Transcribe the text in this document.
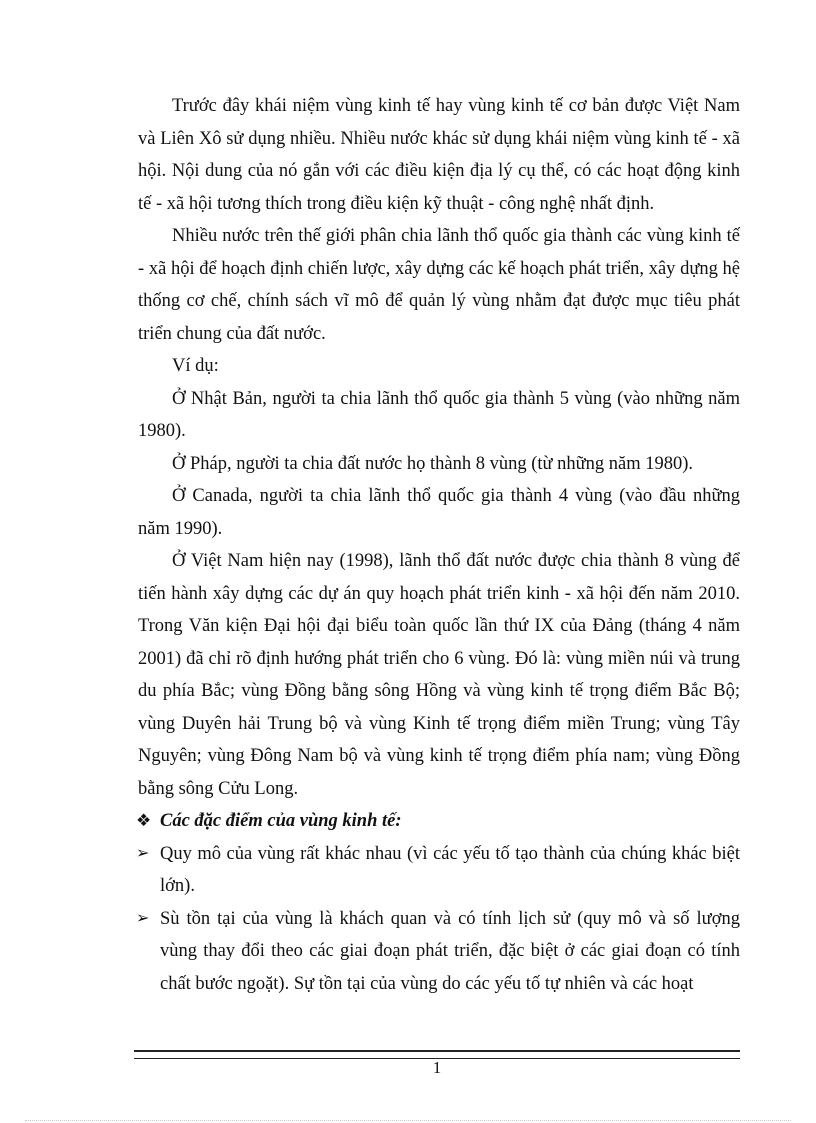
Trước đây khái niệm vùng kinh tế hay vùng kinh tế cơ bản được Việt Nam và Liên Xô sử dụng nhiều. Nhiều nước khác sử dụng khái niệm vùng kinh tế - xã hội. Nội dung của nó gắn với các điều kiện địa lý cụ thể, có các hoạt động kinh tế - xã hội tương thích trong điều kiện kỹ thuật - công nghệ nhất định.

Nhiều nước trên thế giới phân chia lãnh thổ quốc gia thành các vùng kinh tế - xã hội để hoạch định chiến lược, xây dựng các kế hoạch phát triển, xây dựng hệ thống cơ chế, chính sách vĩ mô để quản lý vùng nhằm đạt được mục tiêu phát triển chung của đất nước.

Ví dụ:

Ở Nhật Bản, người ta chia lãnh thổ quốc gia thành 5 vùng (vào những năm 1980).

Ở Pháp, người ta chia đất nước họ thành 8 vùng (từ những năm 1980).

Ở Canada, người ta chia lãnh thổ quốc gia thành 4 vùng (vào đầu những năm 1990).

Ở Việt Nam hiện nay (1998), lãnh thổ đất nước được chia thành 8 vùng để tiến hành xây dựng các dự án quy hoạch phát triển kinh - xã hội đến năm 2010. Trong Văn kiện Đại hội đại biểu toàn quốc lần thứ IX của Đảng (tháng 4 năm 2001) đã chỉ rõ định hướng phát triển cho 6 vùng. Đó là: vùng miền núi và trung du phía Bắc; vùng Đồng bằng sông Hồng và vùng kinh tế trọng điểm Bắc Bộ; vùng Duyên hải Trung bộ và vùng Kinh tế trọng điểm miền Trung; vùng Tây Nguyên; vùng Đông Nam bộ và vùng kinh tế trọng điểm phía nam; vùng Đồng bằng sông Cửu Long.

❖ Các đặc điểm của vùng kinh tế:
➢ Quy mô của vùng rất khác nhau (vì các yếu tố tạo thành của chúng khác biệt lớn).
➢ Sù tồn tại của vùng là khách quan và có tính lịch sử (quy mô và số lượng vùng thay đổi theo các giai đoạn phát triển, đặc biệt ở các giai đoạn có tính chất bước ngoặt). Sự tồn tại của vùng do các yếu tố tự nhiên và các hoạt
1
